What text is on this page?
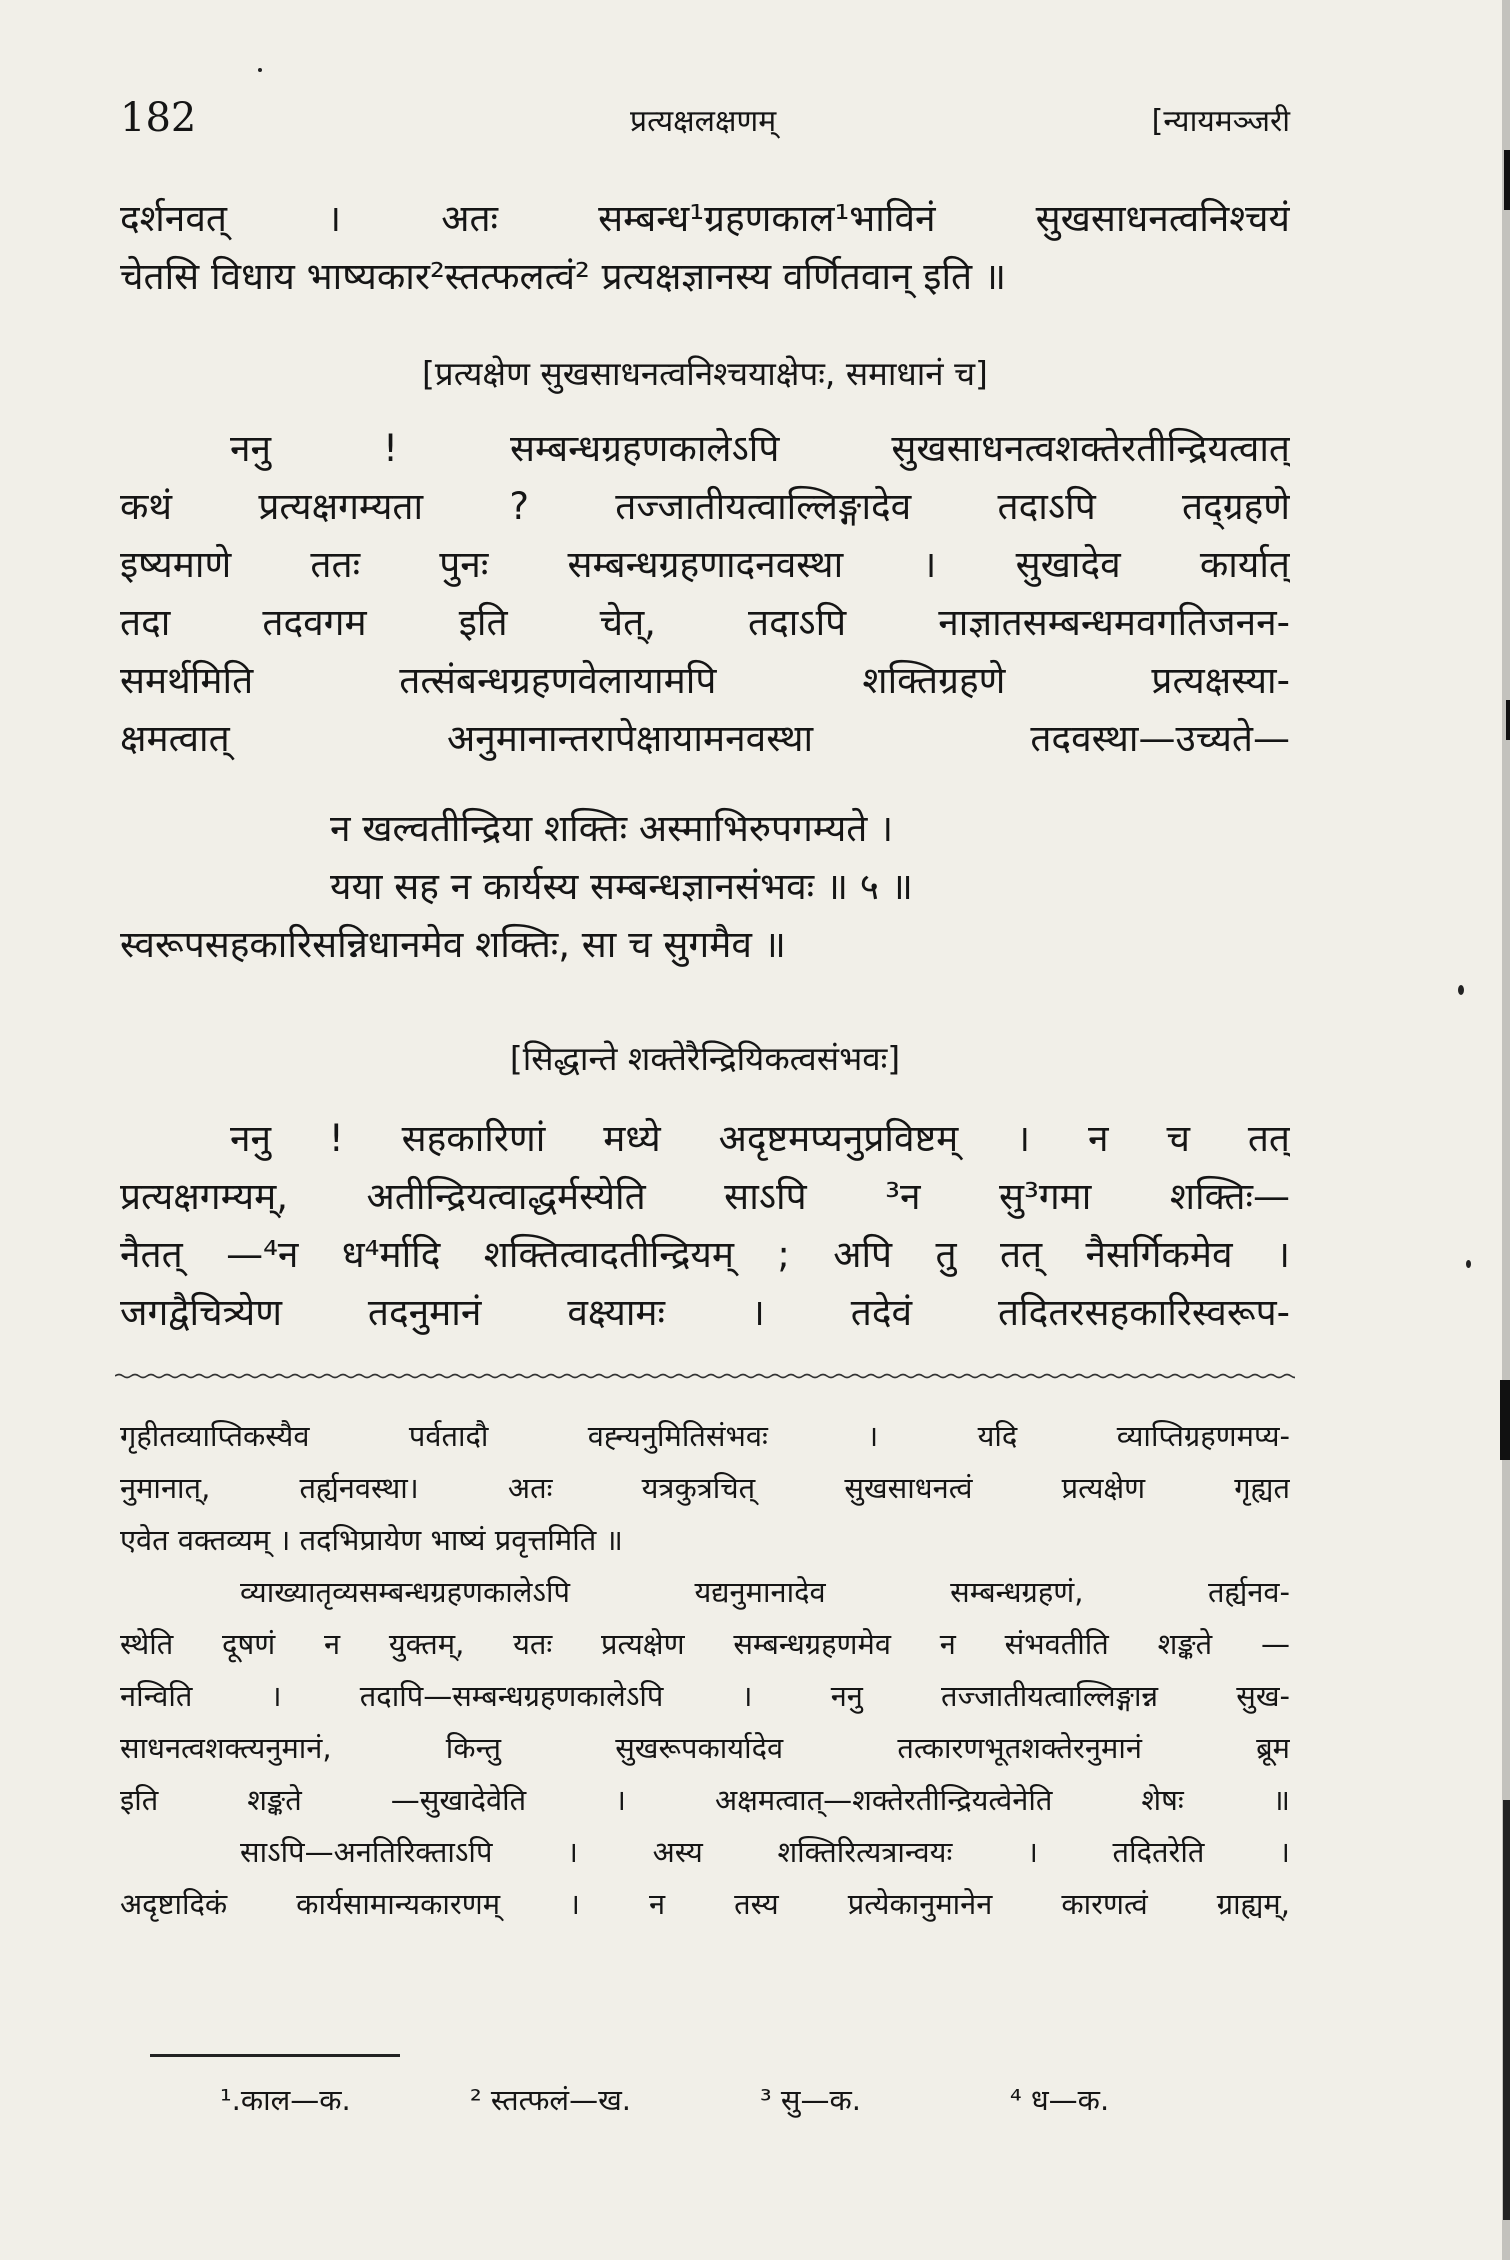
182	प्रत्यक्षलक्षणम्	[न्यायमञ्जरी
दर्शनवत् । अतः सम्बन्ध¹ग्रहणकाल¹भाविनं सुखसाधनत्वनिश्चयं
चेतसि विधाय भाष्यकार²स्तत्फलत्वं² प्रत्यक्षज्ञानस्य वर्णितवान् इति ॥
[प्रत्यक्षेण सुखसाधनत्वनिश्चयाक्षेपः, समाधानं च]
ननु ! सम्बन्धग्रहणकालेऽपि सुखसाधनत्वशक्तेरतीन्द्रियत्वात्
कथं प्रत्यक्षगम्यता ? तज्जातीयत्वाल्लिङ्गादेव तदाऽपि तद्ग्रहणे
इष्यमाणे ततः पुनः सम्बन्धग्रहणादनवस्था । सुखादेव कार्यात्
तदा तदवगम इति चेत्, तदाऽपि नाज्ञातसम्बन्धमवगतिजनन-
समर्थमिति तत्संबन्धग्रहणवेलायामपि शक्तिग्रहणे प्रत्यक्षस्या-
क्षमत्वात् अनुमानान्तरापेक्षायामनवस्था तदवस्था—उच्यते—
न खल्वतीन्द्रिया शक्तिः अस्माभिरुपगम्यते ।
यया सह न कार्यस्य सम्बन्धज्ञानसंभवः ॥ ५ ॥
स्वरूपसहकारिसन्निधानमेव शक्तिः, सा च सुगमैव ॥
[सिद्धान्ते शक्तेरैन्द्रियिकत्वसंभवः]
ननु ! सहकारिणां मध्ये अदृष्टमप्यनुप्रविष्टम् । न च तत्
प्रत्यक्षगम्यम्, अतीन्द्रियत्वाद्धर्मस्येति साऽपि ³न सु³गमा शक्तिः—
नैतत् —⁴न ध⁴र्मादि शक्तित्वादतीन्द्रियम् ; अपि तु तत् नैसर्गिकमेव ।
जगद्वैचित्र्येण तदनुमानं वक्ष्यामः । तदेवं तदितरसहकारिस्वरूप-
गृहीतव्याप्तिकस्यैव पर्वतादौ वह्न्यनुमितिसंभवः । यदि व्याप्तिग्रहणमप्य-
नुमानात्, तर्ह्यनवस्था। अतः यत्रकुत्रचित् सुखसाधनत्वं प्रत्यक्षेण गृह्यत
एवेत वक्तव्यम् । तदभिप्रायेण भाष्यं प्रवृत्तमिति ॥
व्याख्यातृव्यसम्बन्धग्रहणकालेऽपि यद्यनुमानादेव सम्बन्धग्रहणं, तर्ह्यनव-
स्थेति दूषणं न युक्तम्, यतः प्रत्यक्षेण सम्बन्धग्रहणमेव न संभवतीति शङ्कते —
नन्विति । तदापि—सम्बन्धग्रहणकालेऽपि । ननु तज्जातीयत्वाल्लिङ्गान्न सुख-
साधनत्वशक्त्यनुमानं, किन्तु सुखरूपकार्यादेव तत्कारणभूतशक्तेरनुमानं ब्रूम
इति शङ्कते —सुखादेवेति । अक्षमत्वात्—शक्तेरतीन्द्रियत्वेनेति शेषः ॥
साऽपि—अनतिरिक्ताऽपि । अस्य शक्तिरित्यत्रान्वयः । तदितरेति ।
अदृष्टादिकं कार्यसामान्यकारणम् । न तस्य प्रत्येकानुमानेन कारणत्वं ग्राह्यम्,
¹.काल—क.	² स्तत्फलं—ख.	³ सु—क.	⁴ ध—क.
